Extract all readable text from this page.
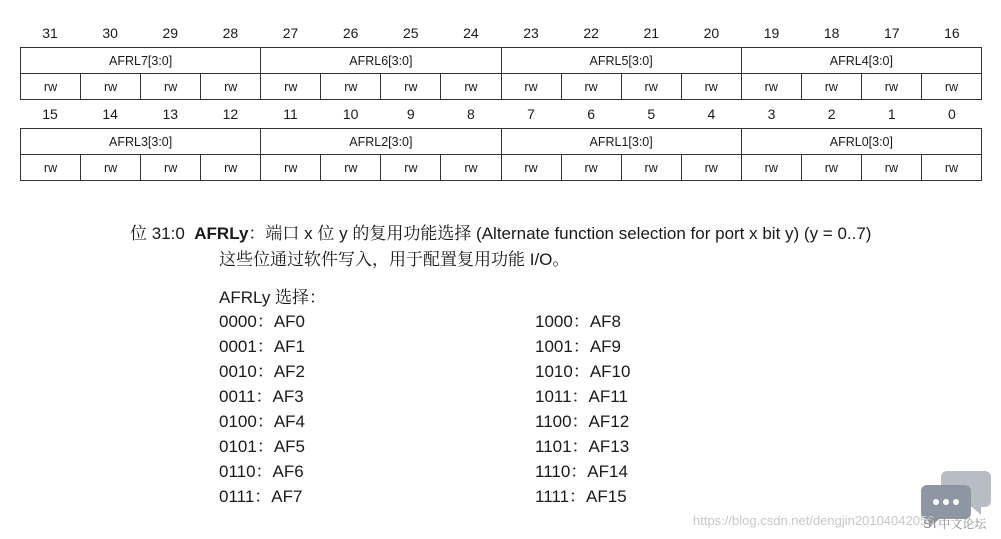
31	30	29	28	27	26	25	24	23	22	21	20	19	18	17	16
AFRL7[3:0]				AFRL6[3:0]				AFRL5[3:0]				AFRL4[3:0]			
rw	rw	rw	rw	rw	rw	rw	rw	rw	rw	rw	rw	rw	rw	rw	rw
15	14	13	12	11	10	9	8	7	6	5	4	3	2	1	0
AFRL3[3:0]				AFRL2[3:0]				AFRL1[3:0]				AFRL0[3:0]			
rw	rw	rw	rw	rw	rw	rw	rw	rw	rw	rw	rw	rw	rw	rw	rw
位 31:0 AFRLy：端口 x 位 y 的复用功能选择 (Alternate function selection for port x bit y) (y = 0..7)
这些位通过软件写入，用于配置复用功能 I/O。
AFRLy 选择：
0000：AF0
0001：AF1
0010：AF2
0011：AF3
0100：AF4
0101：AF5
0110：AF6
0111：AF7
1000：AF8
1001：AF9
1010：AF10
1011：AF11
1100：AF12
1101：AF13
1110：AF14
1111：AF15
https://blog.csdn.net/dengjin20104042056
ST中文论坛
